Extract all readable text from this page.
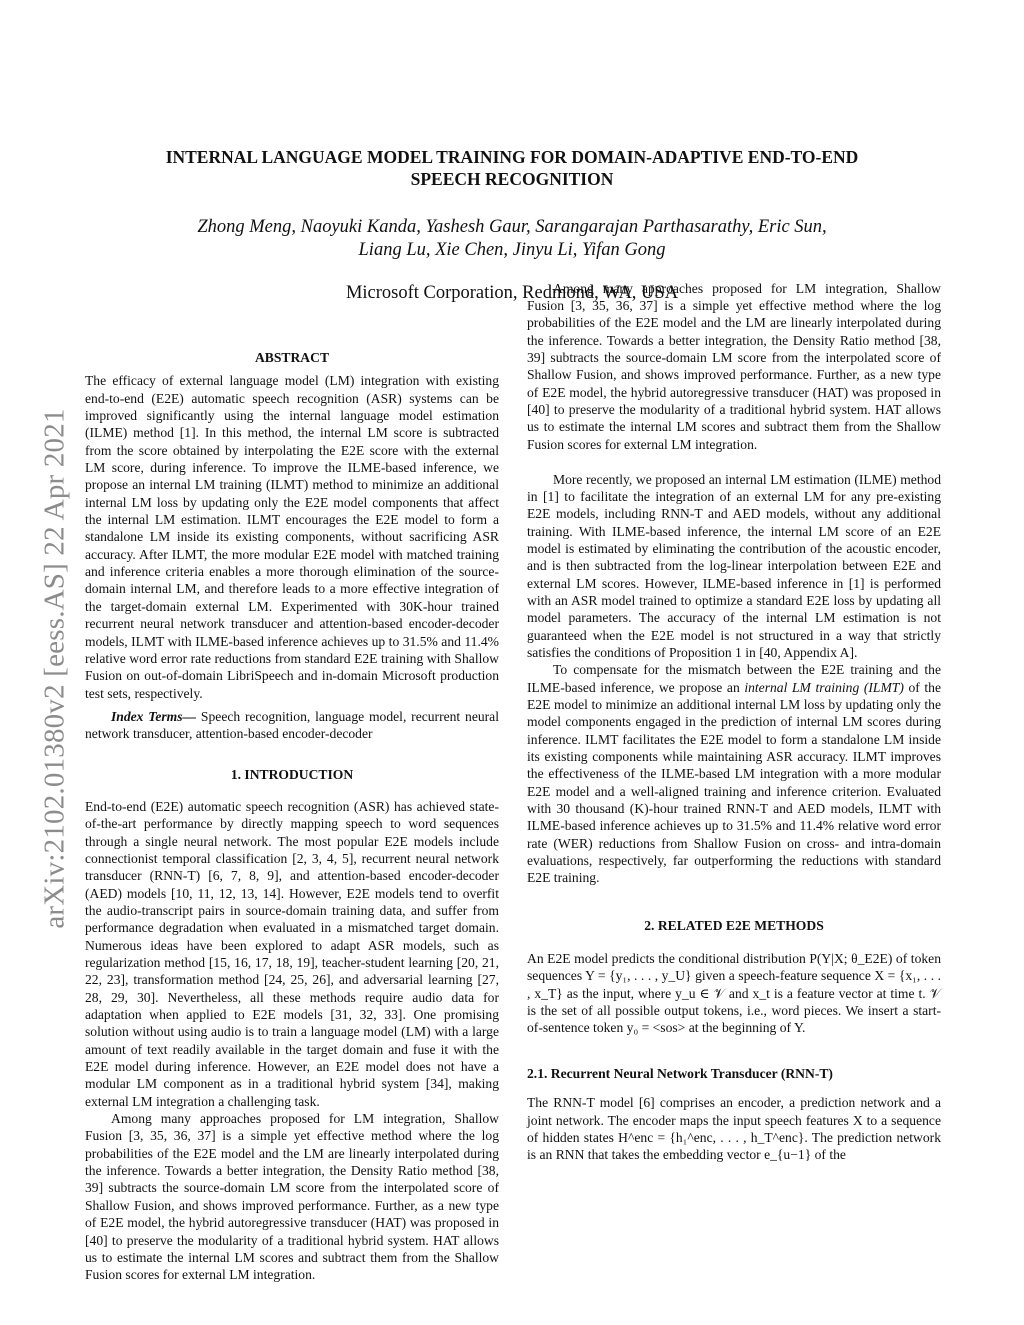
arXiv:2102.01380v2 [eess.AS] 22 Apr 2021
INTERNAL LANGUAGE MODEL TRAINING FOR DOMAIN-ADAPTIVE END-TO-END
SPEECH RECOGNITION
Zhong Meng, Naoyuki Kanda, Yashesh Gaur, Sarangarajan Parthasarathy, Eric Sun,
Liang Lu, Xie Chen, Jinyu Li, Yifan Gong
Microsoft Corporation, Redmond, WA, USA

ABSTRACT

The efficacy of external language model (LM) integration with existing end-to-end (E2E) automatic speech recognition (ASR) systems can be improved significantly using the internal language model estimation (ILME) method [1]. In this method, the internal LM score is subtracted from the score obtained by interpolating the E2E score with the external LM score, during inference. To improve the ILME-based inference, we propose an internal LM training (ILMT) method to minimize an additional internal LM loss by updating only the E2E model components that affect the internal LM estimation. ILMT encourages the E2E model to form a standalone LM inside its existing components, without sacrificing ASR accuracy. After ILMT, the more modular E2E model with matched training and inference criteria enables a more thorough elimination of the source-domain internal LM, and therefore leads to a more effective integration of the target-domain external LM. Experimented with 30K-hour trained recurrent neural network transducer and attention-based encoder-decoder models, ILMT with ILME-based inference achieves up to 31.5% and 11.4% relative word error rate reductions from standard E2E training with Shallow Fusion on out-of-domain LibriSpeech and in-domain Microsoft production test sets, respectively.

Index Terms— Speech recognition, language model, recurrent neural network transducer, attention-based encoder-decoder

1. INTRODUCTION

End-to-end (E2E) automatic speech recognition (ASR) has achieved state-of-the-art performance by directly mapping speech to word sequences through a single neural network. The most popular E2E models include connectionist temporal classification [2, 3, 4, 5], recurrent neural network transducer (RNN-T) [6, 7, 8, 9], and attention-based encoder-decoder (AED) models [10, 11, 12, 13, 14]. However, E2E models tend to overfit the audio-transcript pairs in source-domain training data, and suffer from performance degradation when evaluated in a mismatched target domain. Numerous ideas have been explored to adapt ASR models, such as regularization method [15, 16, 17, 18, 19], teacher-student learning [20, 21, 22, 23], transformation method [24, 25, 26], and adversarial learning [27, 28, 29, 30]. Nevertheless, all these methods require audio data for adaptation when applied to E2E models [31, 32, 33]. One promising solution without using audio is to train a language model (LM) with a large amount of text readily available in the target domain and fuse it with the E2E model during inference. However, an E2E model does not have a modular LM component as in a traditional hybrid system [34], making external LM integration a challenging task.

Among many approaches proposed for LM integration, Shallow Fusion [3, 35, 36, 37] is a simple yet effective method where the log probabilities of the E2E model and the LM are linearly interpolated during the inference. Towards a better integration, the Density Ratio method [38, 39] subtracts the source-domain LM score from the interpolated score of Shallow Fusion, and shows improved performance. Further, as a new type of E2E model, the hybrid autoregressive transducer (HAT) was proposed in [40] to preserve the modularity of a traditional hybrid system. HAT allows us to estimate the internal LM scores and subtract them from the Shallow Fusion scores for external LM integration.

Among many approaches proposed for LM integration, Shallow Fusion [3, 35, 36, 37] is a simple yet effective method where the log probabilities of the E2E model and the LM are linearly interpolated during the inference. Towards a better integration, the Density Ratio method [38, 39] subtracts the source-domain LM score from the interpolated score of Shallow Fusion, and shows improved performance. Further, as a new type of E2E model, the hybrid autoregressive transducer (HAT) was proposed in [40] to preserve the modularity of a traditional hybrid system. HAT allows us to estimate the internal LM scores and subtract them from the Shallow Fusion scores for external LM integration.

More recently, we proposed an internal LM estimation (ILME) method in [1] to facilitate the integration of an external LM for any pre-existing E2E models, including RNN-T and AED models, without any additional training. With ILME-based inference, the internal LM score of an E2E model is estimated by eliminating the contribution of the acoustic encoder, and is then subtracted from the log-linear interpolation between E2E and external LM scores. However, ILME-based inference in [1] is performed with an ASR model trained to optimize a standard E2E loss by updating all model parameters. The accuracy of the internal LM estimation is not guaranteed when the E2E model is not structured in a way that strictly satisfies the conditions of Proposition 1 in [40, Appendix A].

To compensate for the mismatch between the E2E training and the ILME-based inference, we propose an internal LM training (ILMT) of the E2E model to minimize an additional internal LM loss by updating only the model components engaged in the prediction of internal LM scores during inference. ILMT facilitates the E2E model to form a standalone LM inside its existing components while maintaining ASR accuracy. ILMT improves the effectiveness of the ILME-based LM integration with a more modular E2E model and a well-aligned training and inference criterion. Evaluated with 30 thousand (K)-hour trained RNN-T and AED models, ILMT with ILME-based inference achieves up to 31.5% and 11.4% relative word error rate (WER) reductions from Shallow Fusion on cross- and intra-domain evaluations, respectively, far outperforming the reductions with standard E2E training.

2. RELATED E2E METHODS

An E2E model predicts the conditional distribution P(Y|X; θ_E2E) of token sequences Y = {y₁, . . . , y_U} given a speech-feature sequence X = {x₁, . . . , x_T} as the input, where y_u ∈ 𝒱 and x_t is a feature vector at time t. 𝒱 is the set of all possible output tokens, i.e., word pieces. We insert a start-of-sentence token y₀ = <sos> at the beginning of Y.

2.1. Recurrent Neural Network Transducer (RNN-T)

The RNN-T model [6] comprises an encoder, a prediction network and a joint network. The encoder maps the input speech features X to a sequence of hidden states H^enc = {h₁^enc, . . . , h_T^enc}. The prediction network is an RNN that takes the embedding vector e_{u−1} of the
